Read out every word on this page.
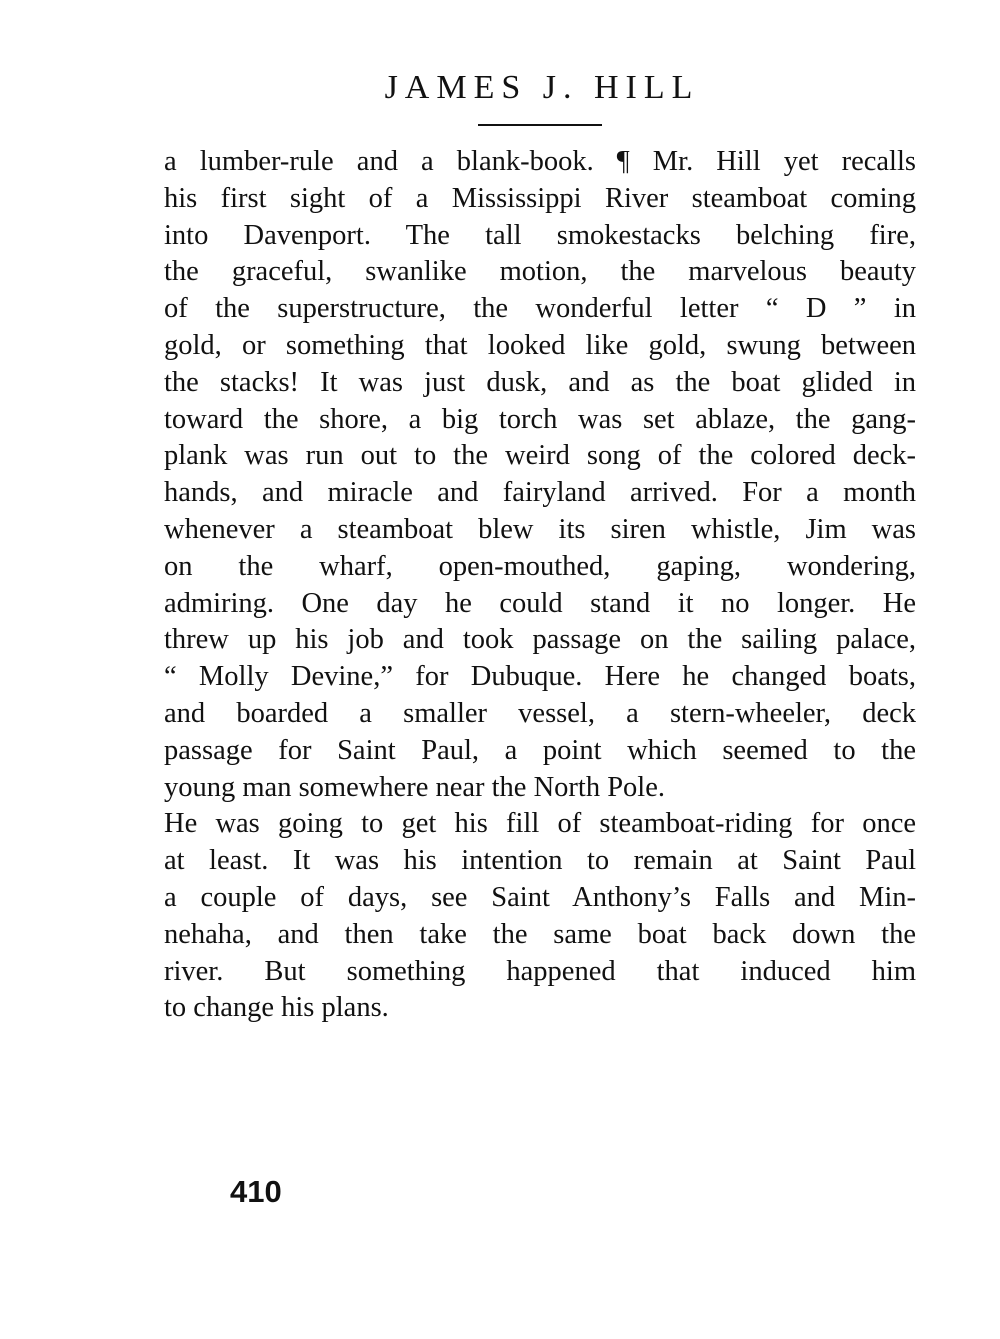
JAMES J. HILL
a lumber-rule and a blank-book. ¶ Mr. Hill yet recalls
his first sight of a Mississippi River steamboat coming
into Davenport. The tall smokestacks belching fire,
the graceful, swanlike motion, the marvelous beauty
of the superstructure, the wonderful letter “ D ” in
gold, or something that looked like gold, swung between
the stacks! It was just dusk, and as the boat glided in
toward the shore, a big torch was set ablaze, the gang-
plank was run out to the weird song of the colored deck-
hands, and miracle and fairyland arrived. For a month
whenever a steamboat blew its siren whistle, Jim was
on the wharf, open-mouthed, gaping, wondering,
admiring. One day he could stand it no longer. He
threw up his job and took passage on the sailing palace,
“ Molly Devine,” for Dubuque. Here he changed boats,
and boarded a smaller vessel, a stern-wheeler, deck
passage for Saint Paul, a point which seemed to the
young man somewhere near the North Pole.
He was going to get his fill of steamboat-riding for once
at least. It was his intention to remain at Saint Paul
a couple of days, see Saint Anthony’s Falls and Min-
nehaha, and then take the same boat back down the
river. But something happened that induced him
to change his plans.
410
